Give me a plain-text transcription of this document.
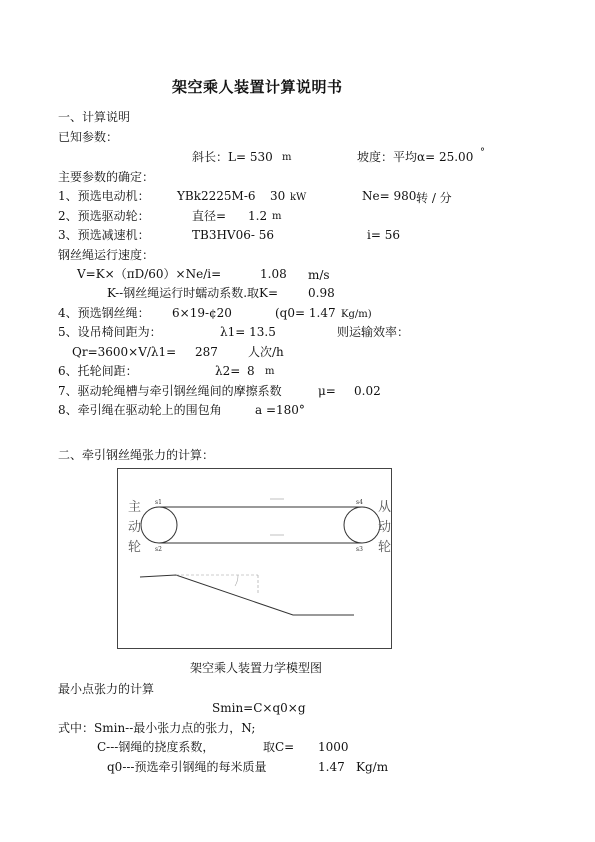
架空乘人装置计算说明书
一、计算说明
已知参数：
斜长：L= 530 m	坡度：平均α= 25.00 °
主要参数的确定：
1、预选电动机： YBk2225M-6 30 kW	Ne= 980 转 / 分
2、预选驱动轮：	直径= 1.2 m
3、预选减速机：	TB3HV06- 56	i= 56
钢丝绳运行速度：
V=K×（πD/60）×Ne/i=	1.08 m/s
K--钢丝绳运行时蠕动系数.取K= 0.98
4、预选钢丝绳： 6×19-¢20	(q0= 1.47 Kg/m)
5、设吊椅间距为：	λ1= 13.5	则运输效率：
Qr=3600×V/λ1= 287	人次/h
6、托轮间距：	λ2= 8 m
7、驱动轮绳槽与牵引钢丝绳间的摩擦系数	μ= 0.02
8、牵引绳在驱动轮上的围包角	a =180°
二、牵引钢丝绳张力的计算：
主
动
轮
从
动
轮
s1
s2	s3
s4
架空乘人装置力学模型图
最小点张力的计算
Smin=C×q0×g
式中：Smin--最小张力点的张力，N;
C---钢绳的挠度系数，	取C= 1000
q0---预选牵引钢绳的每米质量	1.47 Kg/m
